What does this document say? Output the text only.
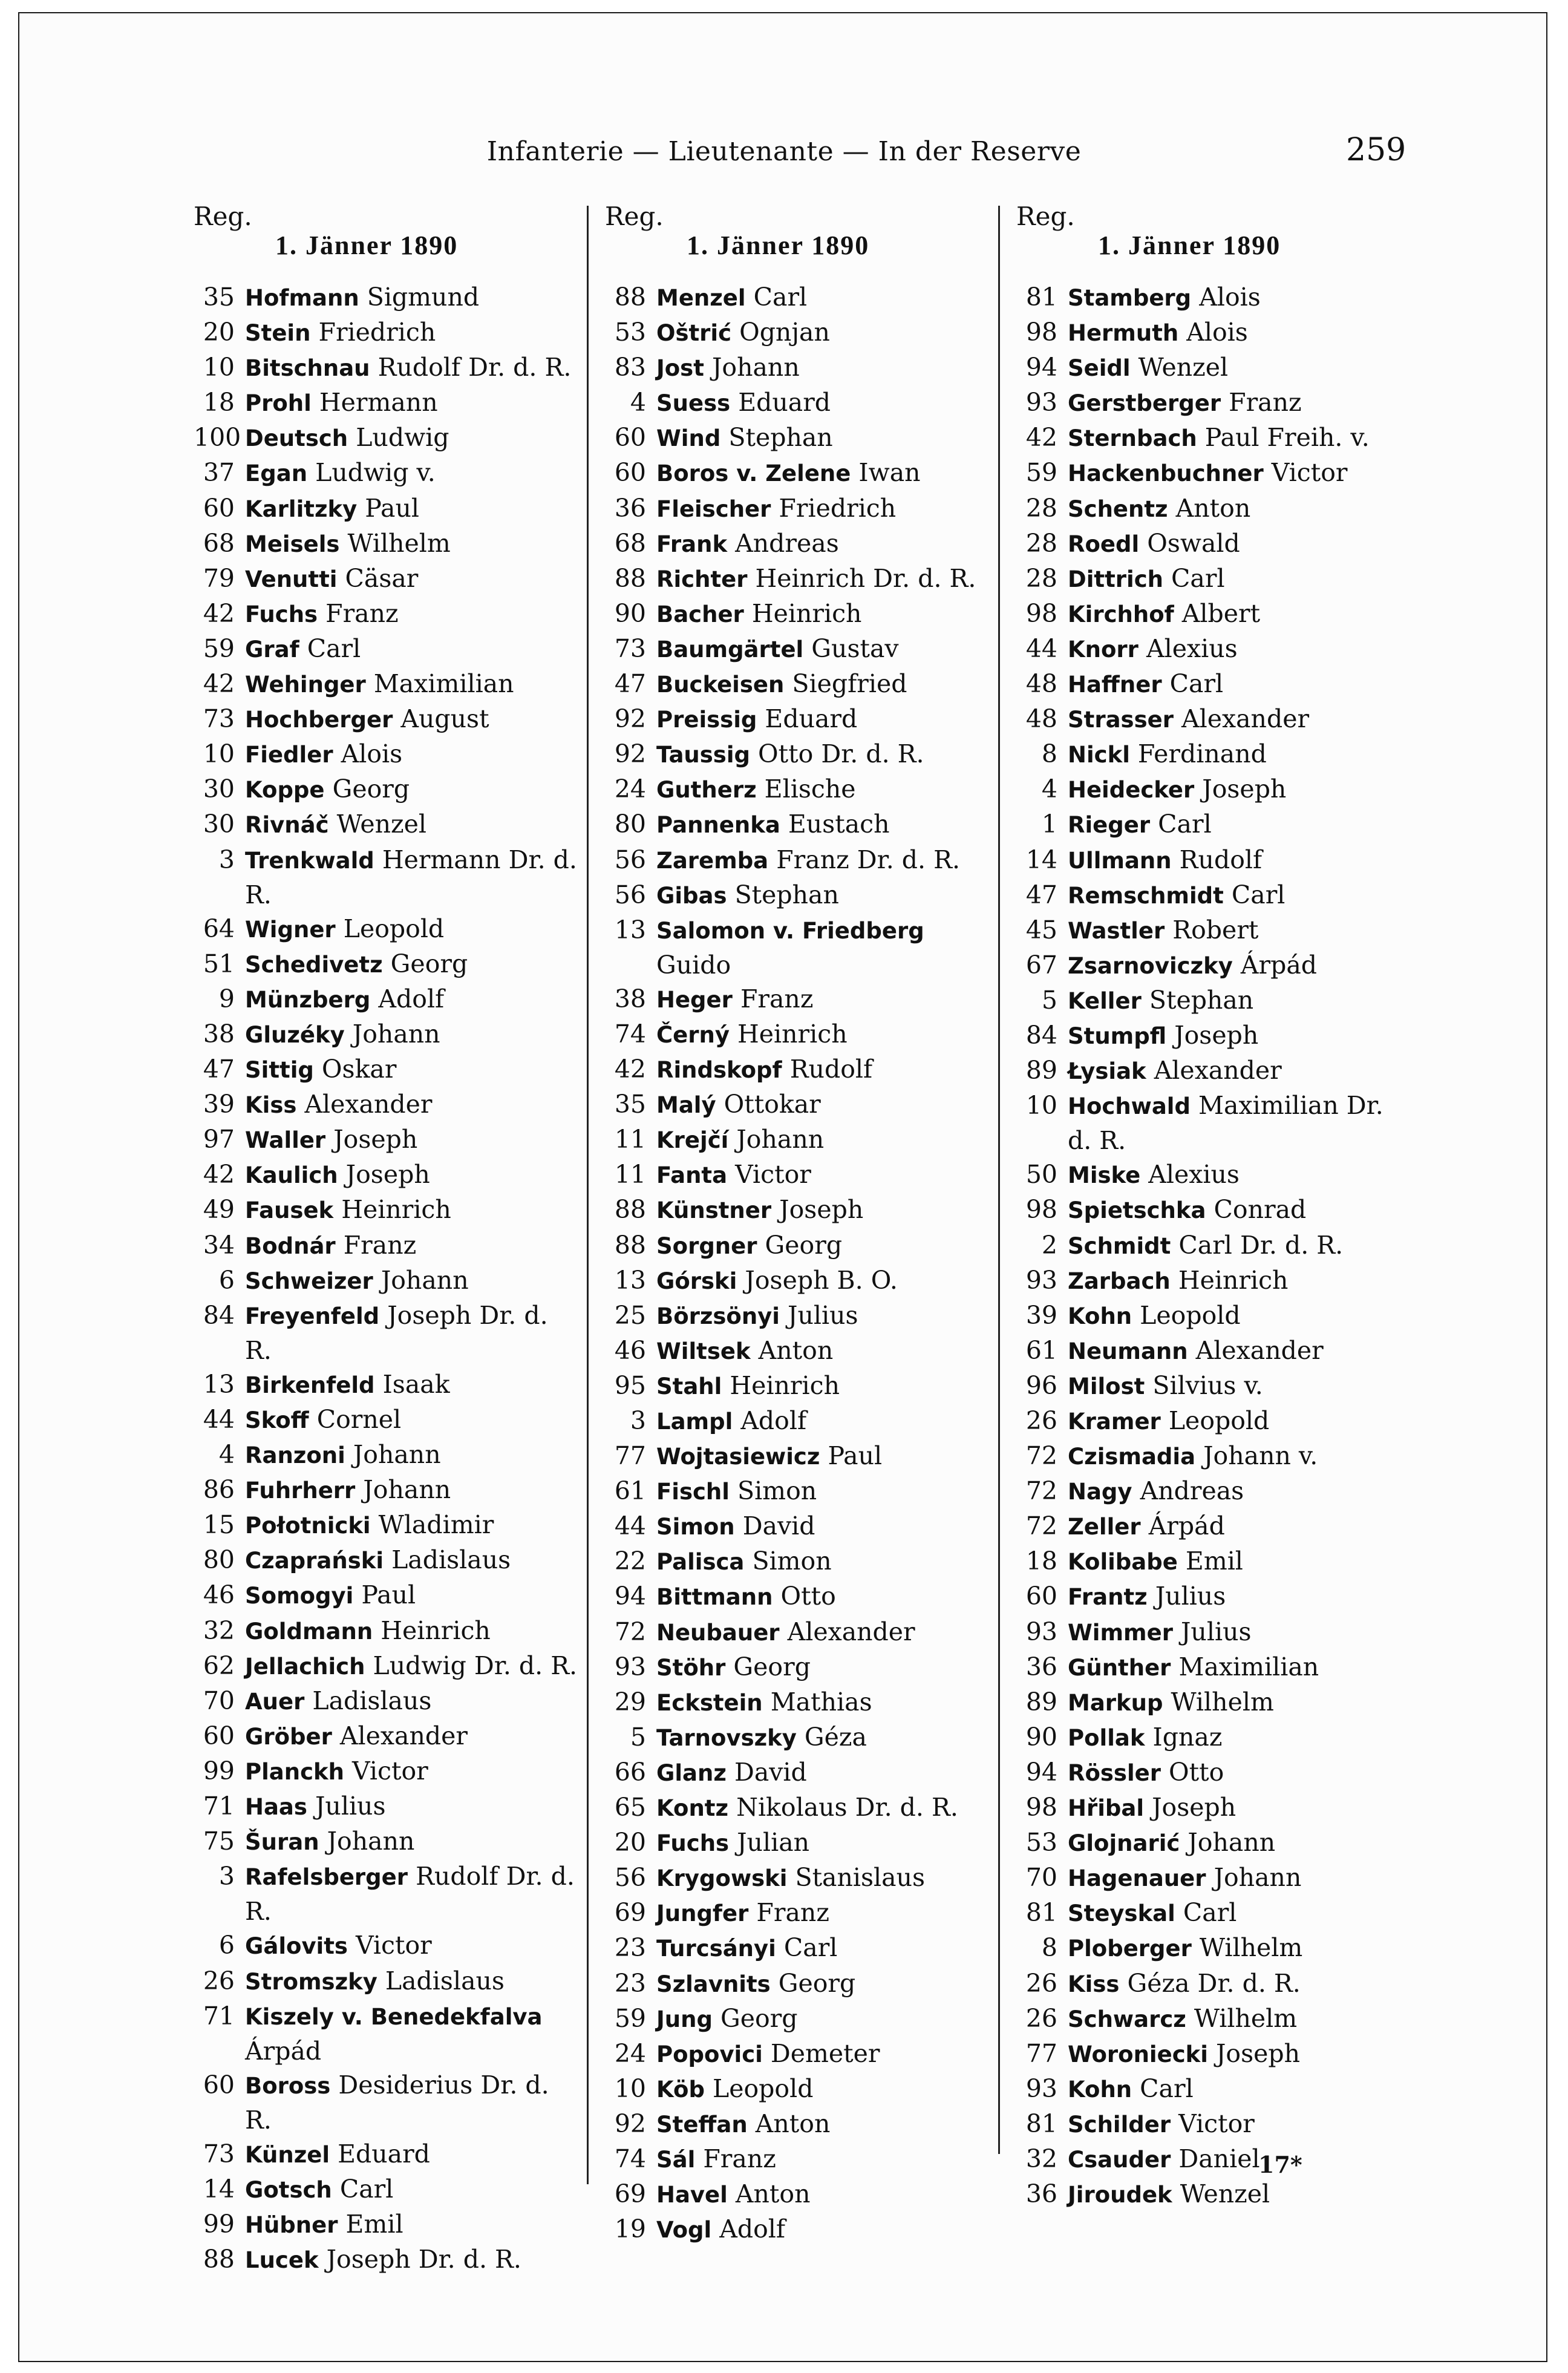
Infanterie — Lieutenante — In der Reserve	259
Reg.
1. Jänner 1890
35 Hofmann Sigmund
20 Stein Friedrich
10 Bitschnau Rudolf Dr. d. R.
18 Prohl Hermann
100 Deutsch Ludwig
37 Egan Ludwig v.
60 Karlitzky Paul
68 Meisels Wilhelm
79 Venutti Cäsar
42 Fuchs Franz
59 Graf Carl
42 Wehinger Maximilian
73 Hochberger August
10 Fiedler Alois
30 Koppe Georg
30 Rivnáč Wenzel
3 Trenkwald Hermann Dr. d. R.
64 Wigner Leopold
51 Schedivetz Georg
9 Münzberg Adolf
38 Gluzéky Johann
47 Sittig Oskar
39 Kiss Alexander
97 Waller Joseph
42 Kaulich Joseph
49 Fausek Heinrich
34 Bodnár Franz
6 Schweizer Johann
84 Freyenfeld Joseph Dr. d. R.
13 Birkenfeld Isaak
44 Skoff Cornel
4 Ranzoni Johann
86 Fuhrherr Johann
15 Połotnicki Wladimir
80 Czaprański Ladislaus
46 Somogyi Paul
32 Goldmann Heinrich
62 Jellachich Ludwig Dr. d. R.
70 Auer Ladislaus
60 Gröber Alexander
99 Planckh Victor
71 Haas Julius
75 Šuran Johann
3 Rafelsberger Rudolf Dr. d. R.
6 Gálovits Victor
26 Stromszky Ladislaus
71 Kiszely v. Benedekfalva Árpád
60 Boross Desiderius Dr. d. R.
73 Künzel Eduard
14 Gotsch Carl
99 Hübner Emil
88 Lucek Joseph Dr. d. R.
Reg.
1. Jänner 1890
88 Menzel Carl
53 Oštrić Ognjan
83 Jost Johann
4 Suess Eduard
60 Wind Stephan
60 Boros v. Zelene Iwan
36 Fleischer Friedrich
68 Frank Andreas
88 Richter Heinrich Dr. d. R.
90 Bacher Heinrich
73 Baumgärtel Gustav
47 Buckeisen Siegfried
92 Preissig Eduard
92 Taussig Otto Dr. d. R.
24 Gutherz Elische
80 Pannenka Eustach
56 Zaremba Franz Dr. d. R.
56 Gibas Stephan
13 Salomon v. Friedberg Guido
38 Heger Franz
74 Černý Heinrich
42 Rindskopf Rudolf
35 Malý Ottokar
11 Krejčí Johann
11 Fanta Victor
88 Künstner Joseph
88 Sorgner Georg
13 Górski Joseph B. O.
25 Börzsönyi Julius
46 Wiltsek Anton
95 Stahl Heinrich
3 Lampl Adolf
77 Wojtasiewicz Paul
61 Fischl Simon
44 Simon David
22 Palisca Simon
94 Bittmann Otto
72 Neubauer Alexander
93 Stöhr Georg
29 Eckstein Mathias
5 Tarnovszky Géza
66 Glanz David
65 Kontz Nikolaus Dr. d. R.
20 Fuchs Julian
56 Krygowski Stanislaus
69 Jungfer Franz
23 Turcsányi Carl
23 Szlavnits Georg
59 Jung Georg
24 Popovici Demeter
10 Köb Leopold
92 Steffan Anton
74 Sál Franz
69 Havel Anton
19 Vogl Adolf
Reg.
1. Jänner 1890
81 Stamberg Alois
98 Hermuth Alois
94 Seidl Wenzel
93 Gerstberger Franz
42 Sternbach Paul Freih. v.
59 Hackenbuchner Victor
28 Schentz Anton
28 Roedl Oswald
28 Dittrich Carl
98 Kirchhof Albert
44 Knorr Alexius
48 Haffner Carl
48 Strasser Alexander
8 Nickl Ferdinand
4 Heidecker Joseph
1 Rieger Carl
14 Ullmann Rudolf
47 Remschmidt Carl
45 Wastler Robert
67 Zsarnoviczky Árpád
5 Keller Stephan
84 Stumpfl Joseph
89 Łysiak Alexander
10 Hochwald Maximilian Dr. d. R.
50 Miske Alexius
98 Spietschka Conrad
2 Schmidt Carl Dr. d. R.
93 Zarbach Heinrich
39 Kohn Leopold
61 Neumann Alexander
96 Milost Silvius v.
26 Kramer Leopold
72 Czismadia Johann v.
72 Nagy Andreas
72 Zeller Árpád
18 Kolibabe Emil
60 Frantz Julius
93 Wimmer Julius
36 Günther Maximilian
89 Markup Wilhelm
90 Pollak Ignaz
94 Rössler Otto
98 Hřibal Joseph
53 Glojnarić Johann
70 Hagenauer Johann
81 Steyskal Carl
8 Ploberger Wilhelm
26 Kiss Géza Dr. d. R.
26 Schwarcz Wilhelm
77 Woroniecki Joseph
93 Kohn Carl
81 Schilder Victor
32 Csauder Daniel
36 Jiroudek Wenzel
17*
